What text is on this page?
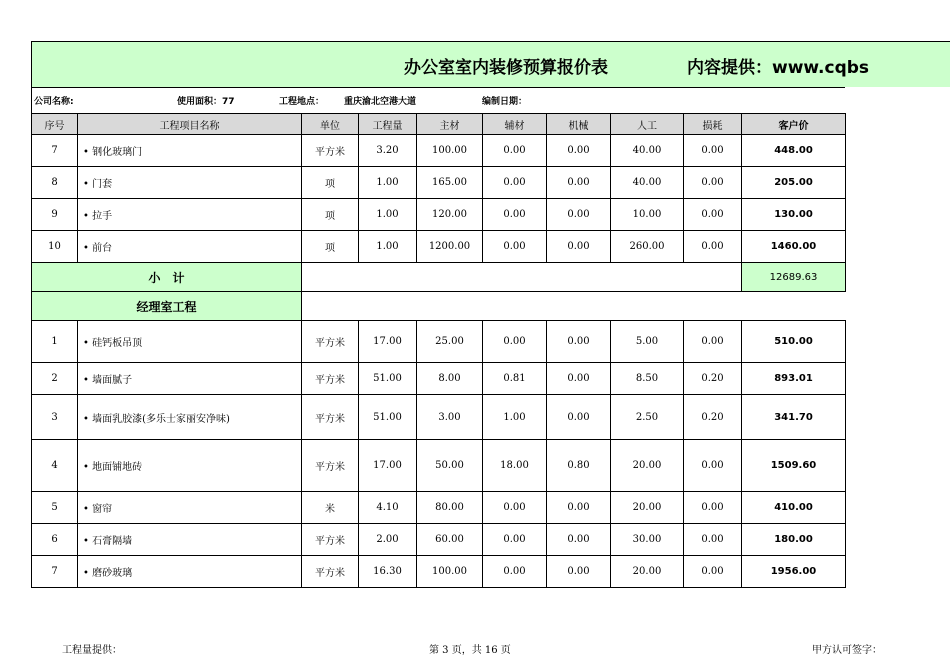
办公室室内装修预算报价表	内容提供：www.cqbs
公司名称:	使用面积：77	工程地点： 重庆渝北空港大道	编制日期：
序号	工程项目名称	单位	工程量	主材	辅材	机械	人工	损耗	客户价
7	• 钢化玻璃门	平方米	3.20	100.00	0.00	0.00	40.00	0.00	448.00
8	• 门套	项	1.00	165.00	0.00	0.00	40.00	0.00	205.00
9	• 拉手	项	1.00	120.00	0.00	0.00	10.00	0.00	130.00
10	• 前台	项	1.00	1200.00	0.00	0.00	260.00	0.00	1460.00
小　计									12689.63
经理室工程									
1	• 硅钙板吊顶	平方米	17.00	25.00	0.00	0.00	5.00	0.00	510.00
2	• 墙面腻子	平方米	51.00	8.00	0.81	0.00	8.50	0.20	893.01
3	• 墙面乳胶漆(多乐士家丽安净味)	平方米	51.00	3.00	1.00	0.00	2.50	0.20	341.70
4	• 地面铺地砖	平方米	17.00	50.00	18.00	0.80	20.00	0.00	1509.60
5	• 窗帘	米	4.10	80.00	0.00	0.00	20.00	0.00	410.00
6	• 石膏隔墙	平方米	2.00	60.00	0.00	0.00	30.00	0.00	180.00
7	• 磨砂玻璃	平方米	16.30	100.00	0.00	0.00	20.00	0.00	1956.00
工程量提供：	第 3 页，共 16 页	甲方认可签字：
